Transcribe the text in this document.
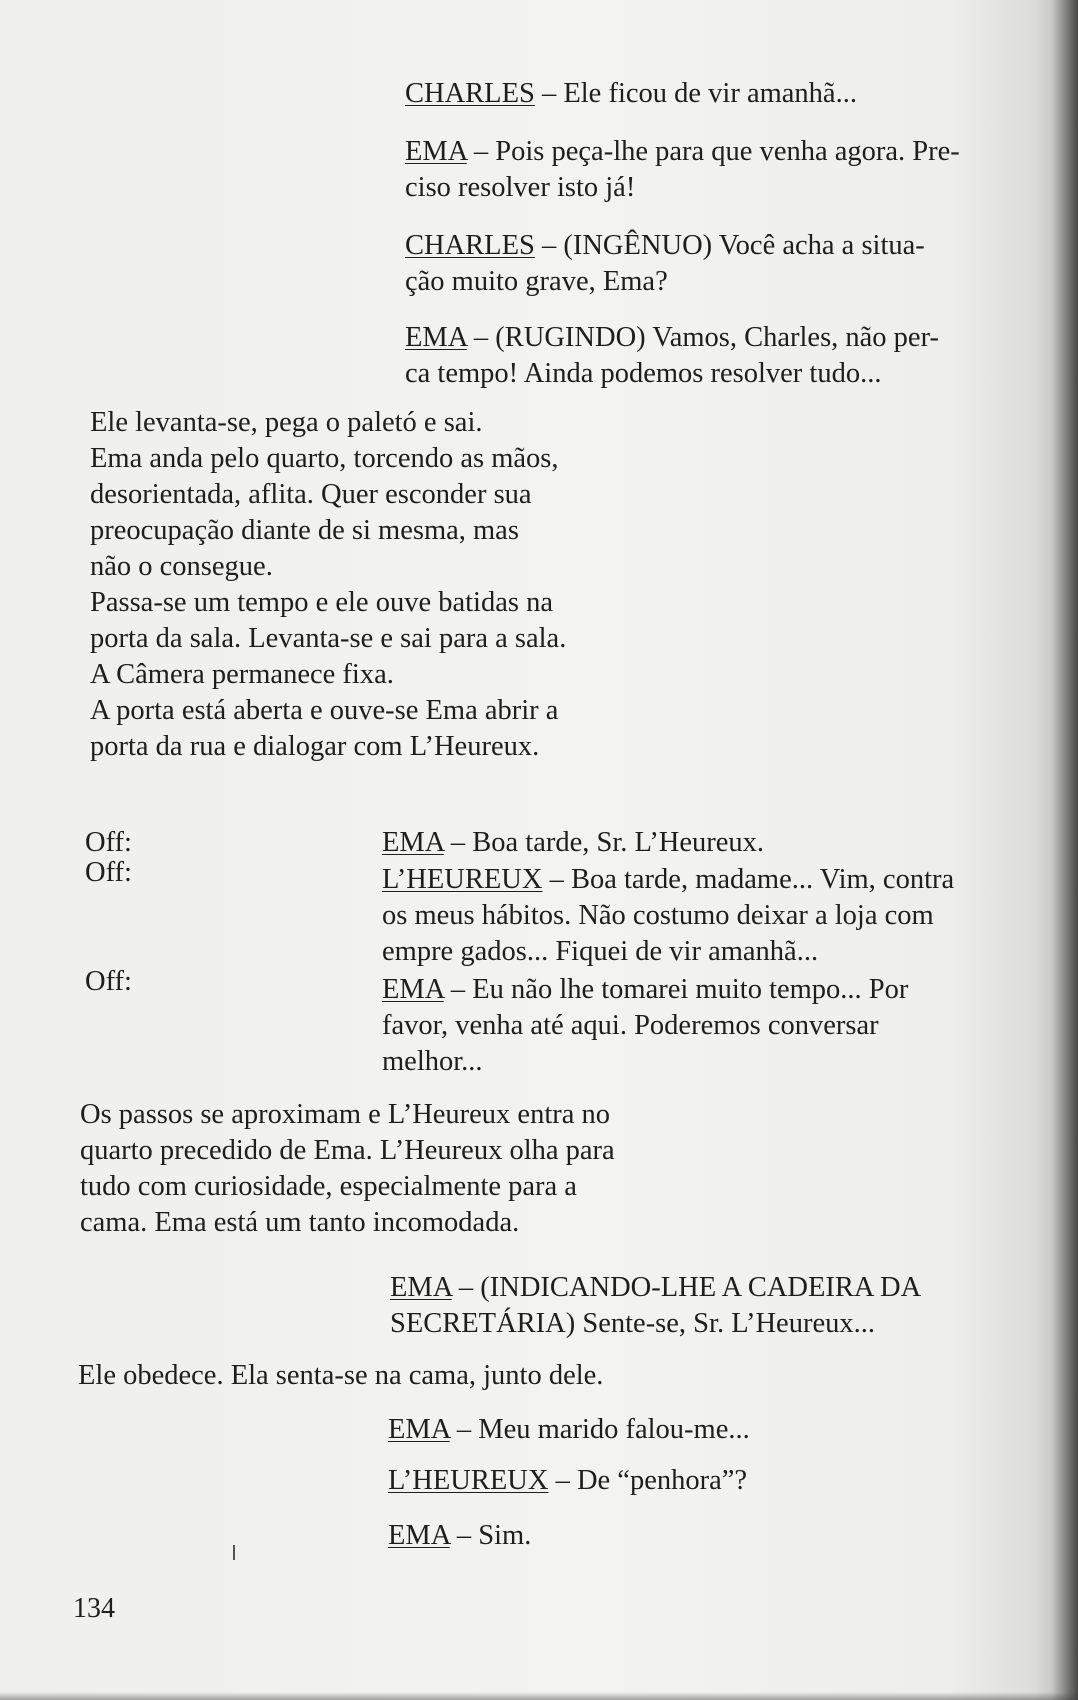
CHARLES – Ele ficou de vir amanhã...
EMA – Pois peça-lhe para que venha agora. Pre-
ciso resolver isto já!
CHARLES – (INGÊNUO) Você acha a situa-
ção muito grave, Ema?
EMA – (RUGINDO) Vamos, Charles, não per-
ca tempo! Ainda podemos resolver tudo...
Ele levanta-se, pega o paletó e sai.
Ema anda pelo quarto, torcendo as mãos,
desorientada, aflita. Quer esconder sua
preocupação diante de si mesma, mas
não o consegue.
Passa-se um tempo e ele ouve batidas na
porta da sala. Levanta-se e sai para a sala.
A Câmera permanece fixa.
A porta está aberta e ouve-se Ema abrir a
porta da rua e dialogar com L’Heureux.
Off:
Off:
Off:
EMA – Boa tarde, Sr. L’Heureux.
L’HEUREUX – Boa tarde, madame... Vim, contra
os meus hábitos. Não costumo deixar a loja com
empre gados... Fiquei de vir amanhã...
EMA – Eu não lhe tomarei muito tempo... Por
favor, venha até aqui. Poderemos conversar
melhor...
Os passos se aproximam e L’Heureux entra no
quarto precedido de Ema. L’Heureux olha para
tudo com curiosidade, especialmente para a
cama. Ema está um tanto incomodada.
EMA – (INDICANDO-LHE A CADEIRA DA
SECRETÁRIA) Sente-se, Sr. L’Heureux...
Ele obedece. Ela senta-se na cama, junto dele.
EMA – Meu marido falou-me...
L’HEUREUX – De “penhora”?
EMA – Sim.
134
